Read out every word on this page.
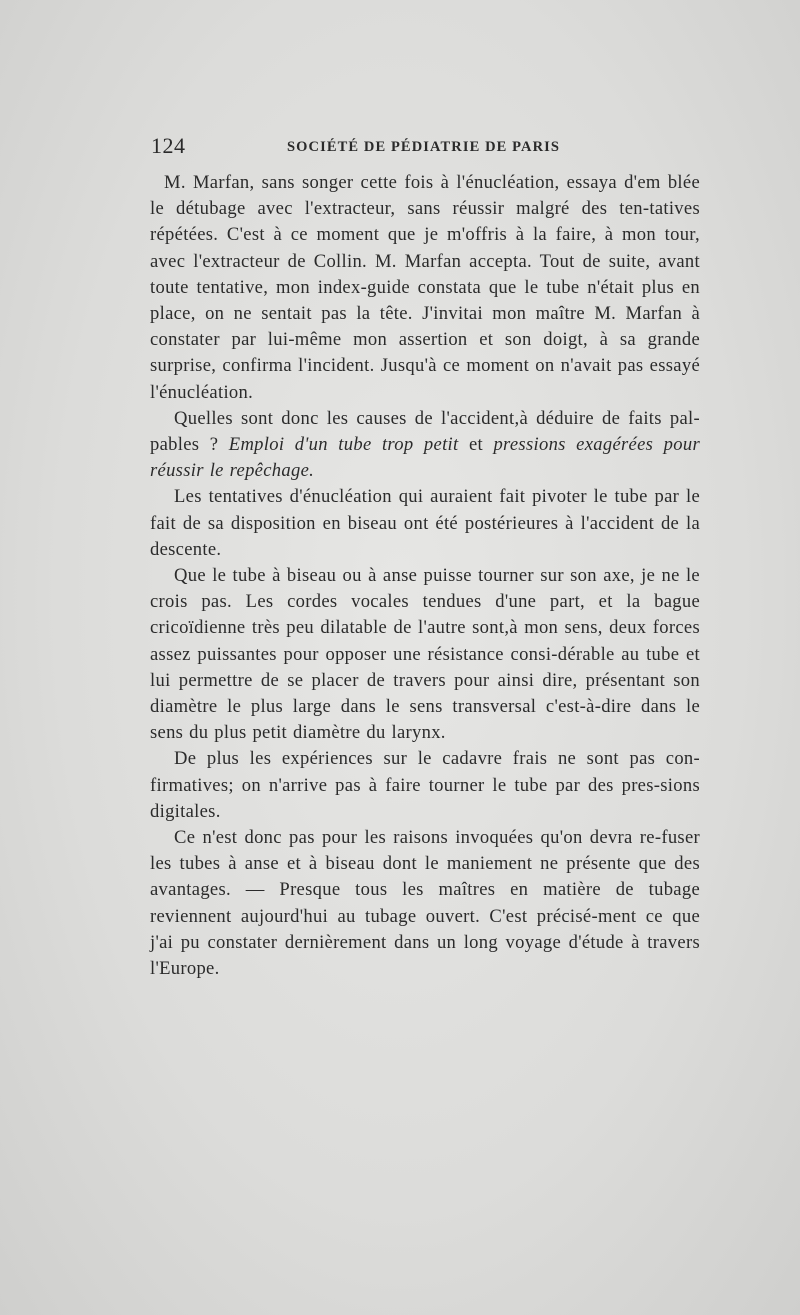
124	SOCIÉTÉ DE PÉDIATRIE DE PARIS

M. Marfan, sans songer cette fois à l'énucléation, essaya d'em blée le détubage avec l'extracteur, sans réussir malgré des ten-tatives répétées. C'est à ce moment que je m'offris à la faire, à mon tour, avec l'extracteur de Collin. M. Marfan accepta. Tout de suite, avant toute tentative, mon index-guide constata que le tube n'était plus en place, on ne sentait pas la tête. J'invitai mon maître M. Marfan à constater par lui-même mon assertion et son doigt, à sa grande surprise, confirma l'incident. Jusqu'à ce moment on n'avait pas essayé l'énucléation.

Quelles sont donc les causes de l'accident,à déduire de faits pal-pables ? Emploi d'un tube trop petit et pressions exagérées pour réussir le repêchage.

Les tentatives d'énucléation qui auraient fait pivoter le tube par le fait de sa disposition en biseau ont été postérieures à l'accident de la descente.

Que le tube à biseau ou à anse puisse tourner sur son axe, je ne le crois pas. Les cordes vocales tendues d'une part, et la bague cricoïdienne très peu dilatable de l'autre sont,à mon sens, deux forces assez puissantes pour opposer une résistance consi-dérable au tube et lui permettre de se placer de travers pour ainsi dire, présentant son diamètre le plus large dans le sens transversal c'est-à-dire dans le sens du plus petit diamètre du larynx.

De plus les expériences sur le cadavre frais ne sont pas con-firmatives; on n'arrive pas à faire tourner le tube par des pres-sions digitales.

Ce n'est donc pas pour les raisons invoquées qu'on devra re-fuser les tubes à anse et à biseau dont le maniement ne présente que des avantages. — Presque tous les maîtres en matière de tubage reviennent aujourd'hui au tubage ouvert. C'est précisé-ment ce que j'ai pu constater dernièrement dans un long voyage d'étude à travers l'Europe.
